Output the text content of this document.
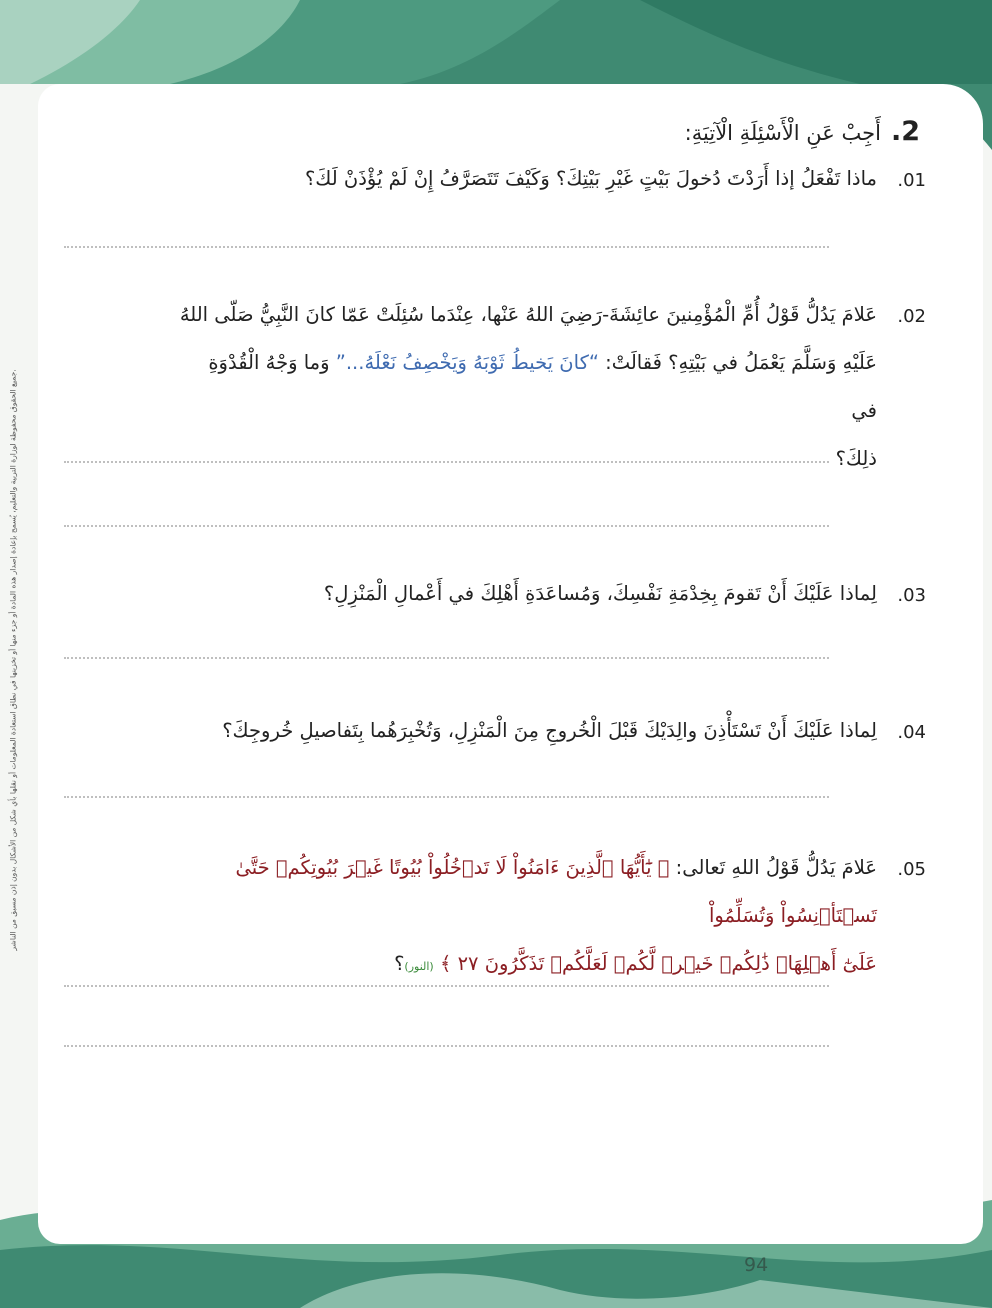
جميع الحقوق محفوظة لوزارة التربية والتعليم، يُسمح بإعادة إصدار هذه المادة أو جزء منها أو تخزينها في نطاق استعادة المعلومات أو نقلها بأي شكل من الأشكال بدون إذن مسبق من الناشر.
2.
أَجِبْ عَنِ الْأَسْئِلَةِ الْآتِيَةِ:
.01
ماذا تَفْعَلُ إذا أَرَدْتَ دُخولَ بَيْتٍ غَيْرِ بَيْتِكَ؟ وَكَيْفَ تَتَصَرَّفُ إِنْ لَمْ يُؤْذَنْ لَكَ؟
.02
عَلامَ يَدُلُّ قَوْلُ أُمِّ الْمُؤْمِنينَ عائِشَةَ-رَضِيَ اللهُ عَنْها، عِنْدَما سُئِلَتْ عَمّا كانَ النَّبِيُّ صَلّى اللهُ
عَلَيْهِ وَسَلَّمَ يَعْمَلُ في بَيْتِهِ؟ فَقالَتْ: “كانَ يَخيطُ ثَوْبَهُ وَيَخْصِفُ نَعْلَهُ...” وَما وَجْهُ الْقُدْوَةِ في
ذلِكَ؟
.03
لِماذا عَلَيْكَ أَنْ تَقومَ بِخِدْمَةِ نَفْسِكَ، وَمُساعَدَةِ أَهْلِكَ في أَعْمالِ الْمَنْزِلِ؟
.04
لِماذا عَلَيْكَ أَنْ تَسْتَأْذِنَ والِدَيْكَ قَبْلَ الْخُروجِ مِنَ الْمَنْزِلِ، وَتُخْبِرَهُما بِتَفاصيلِ خُروجِكَ؟
.05
عَلامَ يَدُلُّ قَوْلُ اللهِ تَعالى: ﴿ يَٰٓأَيُّهَا ٱلَّذِينَ ءَامَنُواْ لَا تَدۡخُلُواْ بُيُوتًا غَيۡرَ بُيُوتِكُمۡ حَتَّىٰ تَسۡتَأۡنِسُواْ وَتُسَلِّمُواْ
عَلَىٰٓ أَهۡلِهَاۚ ذَٰلِكُمۡ خَيۡرٞ لَّكُمۡ لَعَلَّكُمۡ تَذَكَّرُونَ ٢٧ ﴾ (النور)؟
94
